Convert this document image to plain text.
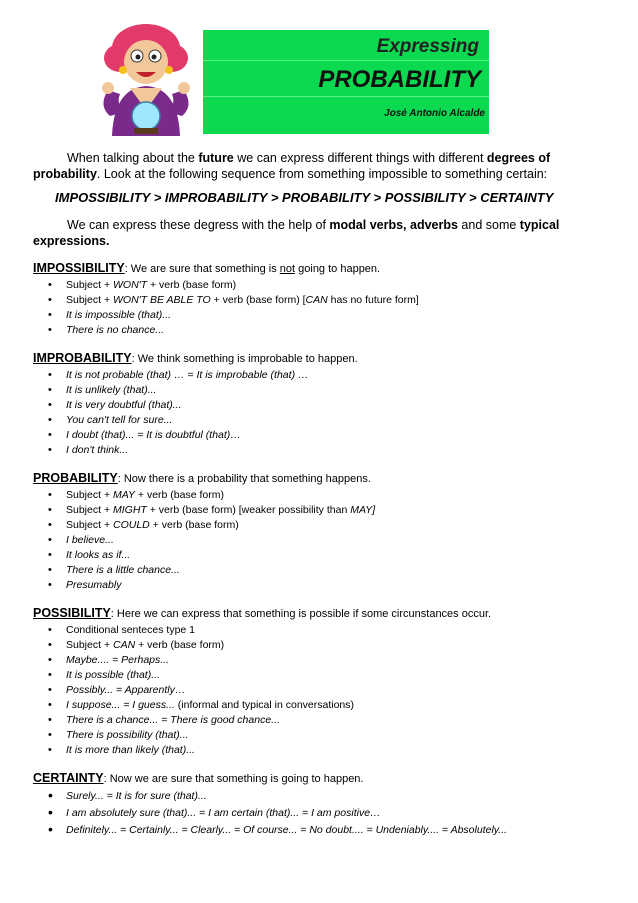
Expressing
PROBABILITY
José Antonio Alcalde

When talking about the future we can express different things with different degrees of probability. Look at the following sequence from something impossible to something certain:

IMPOSSIBILITY > IMPROBABILITY > PROBABILITY > POSSIBILITY > CERTAINTY

We can express these degress with the help of modal verbs, adverbs and some typical expressions.

IMPOSSIBILITY: We are sure that something is not going to happen.

• Subject + WON'T + verb (base form)
• Subject + WON'T BE ABLE TO + verb (base form) [CAN has no future form]
• It is impossible (that)...
• There is no chance...

IMPROBABILITY: We think something is improbable to happen.

• It is not probable (that) … = It is improbable (that) …
• It is unlikely (that)...
• It is very doubtful (that)...
• You can't tell for sure...
• I doubt (that)... = It is doubtful (that)…
• I don't think...

PROBABILITY: Now there is a probability that something happens.

• Subject + MAY + verb (base form)
• Subject + MIGHT + verb (base form) [weaker possibility than MAY]
• Subject + COULD + verb (base form)
• I believe...
• It looks as if...
• There is a little chance...
• Presumably

POSSIBILITY: Here we can express that something is possible if some circunstances occur.

• Conditional senteces type 1
• Subject + CAN + verb (base form)
• Maybe.... = Perhaps...
• It is possible (that)...
• Possibly... = Apparently…
• I suppose... = I guess... (informal and typical in conversations)
• There is a chance... = There is good chance...
• There is possibility (that)...
• It is more than likely (that)...

CERTAINTY: Now we are sure that something is going to happen.

• Surely... = It is for sure (that)...
• I am absolutely sure (that)... = I am certain (that)... = I am positive…
• Definitely... = Certainly... = Clearly... = Of course... = No doubt.... = Undeniably.... = Absolutely...
